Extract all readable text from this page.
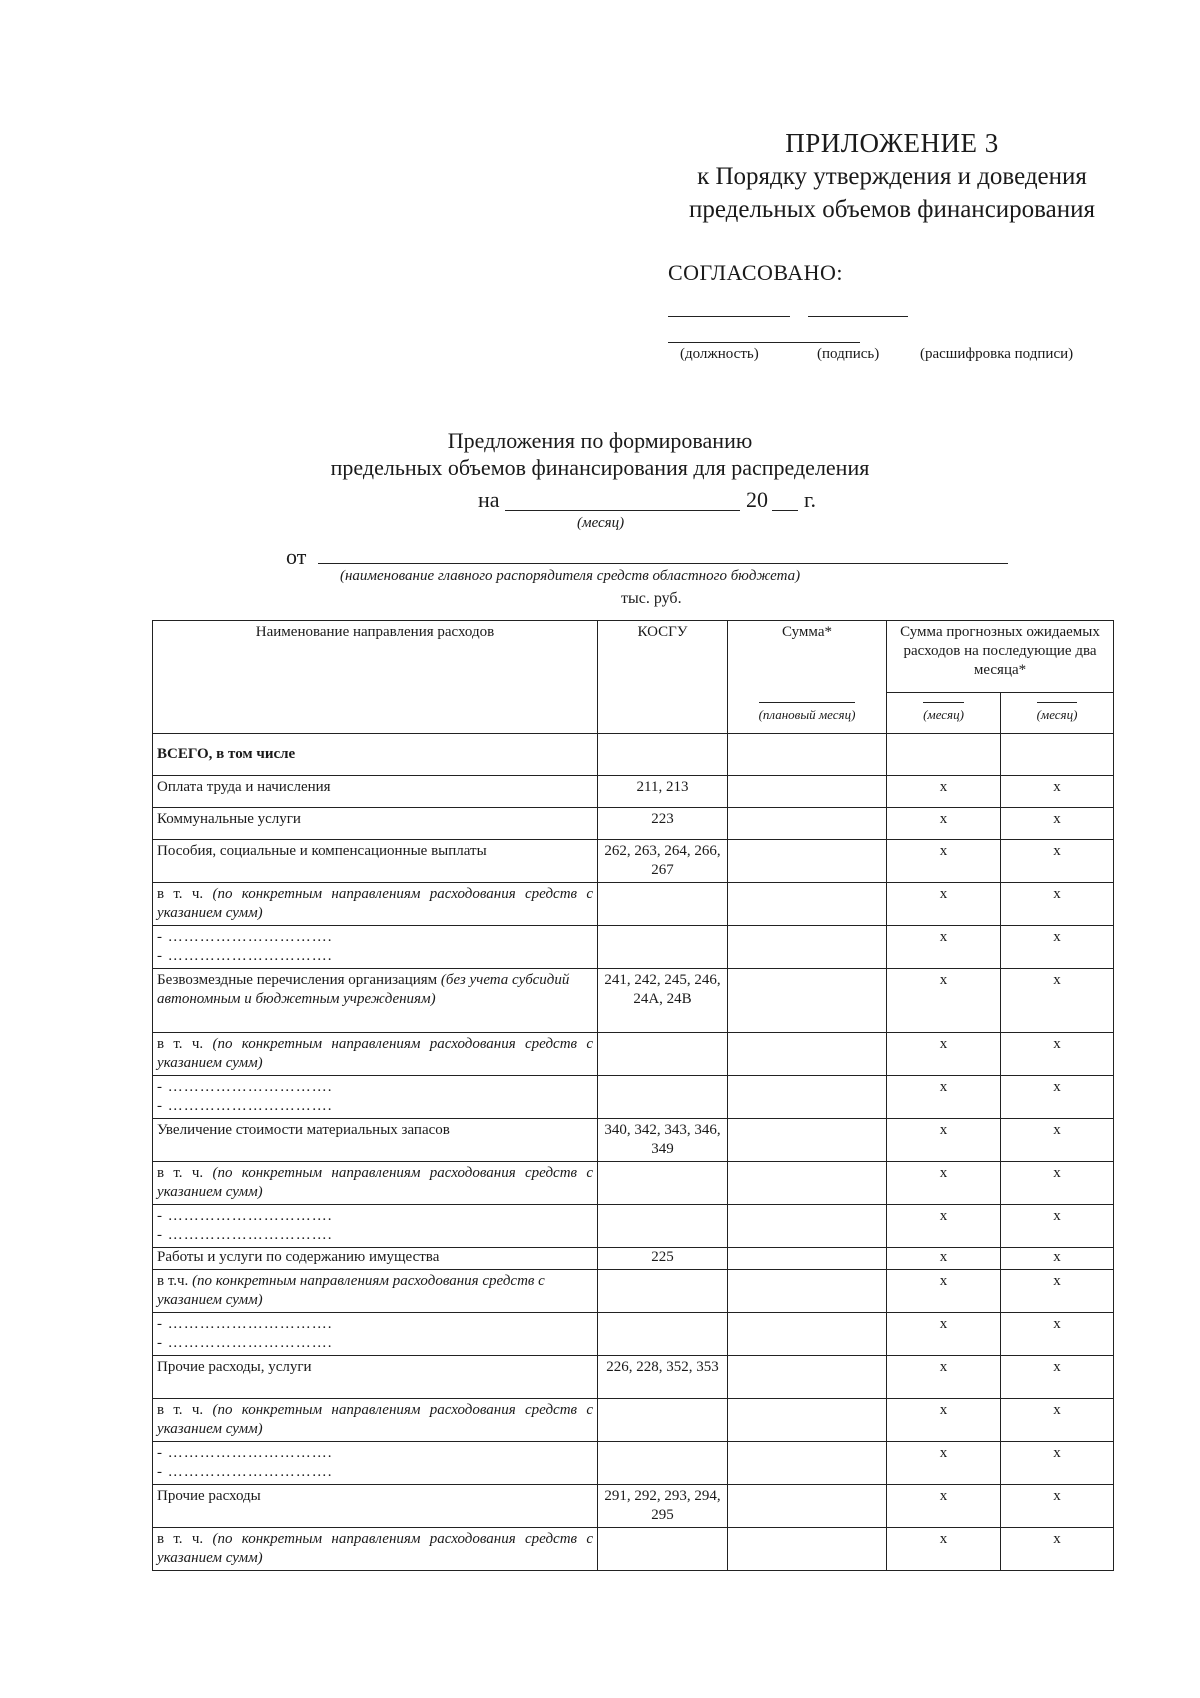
ПРИЛОЖЕНИЕ 3
к Порядку утверждения и доведения
предельных объемов финансирования
СОГЛАСОВАНО:
(должность)	(подпись)	(расшифровка подписи)
Предложения по формированию
предельных объемов финансирования для распределения
на	20 г.
(месяц)
от
(наименование главного распорядителя средств областного бюджета)
тыс. руб.
Наименование направления расходов	КОСГУ	Сумма*	Сумма прогнозных ожидаемых расходов на последующие два месяца*	
		(плановый месяц)	(месяц)	(месяц)
ВСЕГО, в том числе				
Оплата труда и начисления	211, 213		x	x
Коммунальные услуги	223		x	x
Пособия, социальные и компенсационные выплаты	262, 263, 264, 266, 267		x	x
в т. ч. (по конкретным направлениям расходования средств с указанием сумм)			x	x

- ………………………….
- ………………………….			x	x
Безвозмездные перечисления организациям (без учета субсидий автономным и бюджетным учреждениям)	241, 242, 245, 246, 24А, 24В		x	x
в т. ч. (по конкретным направлениям расходования средств с указанием сумм)			x	x

- ………………………….
- ………………………….			x	x
Увеличение стоимости материальных запасов	340, 342, 343, 346, 349		x	x
в т. ч. (по конкретным направлениям расходования средств с указанием сумм)			x	x

- ………………………….
- ………………………….			x	x
Работы и услуги по содержанию имущества	225		x	x
в т.ч. (по конкретным направлениям расходования средств с указанием сумм)			x	x

- ………………………….
- ………………………….			x	x
Прочие расходы, услуги	226, 228, 352, 353		x	x
в т. ч. (по конкретным направлениям расходования средств с указанием сумм)			x	x

- ………………………….
- ………………………….			x	x
Прочие расходы	291, 292, 293, 294, 295		x	x
в т. ч. (по конкретным направлениям расходования средств с указанием сумм)			x	x
